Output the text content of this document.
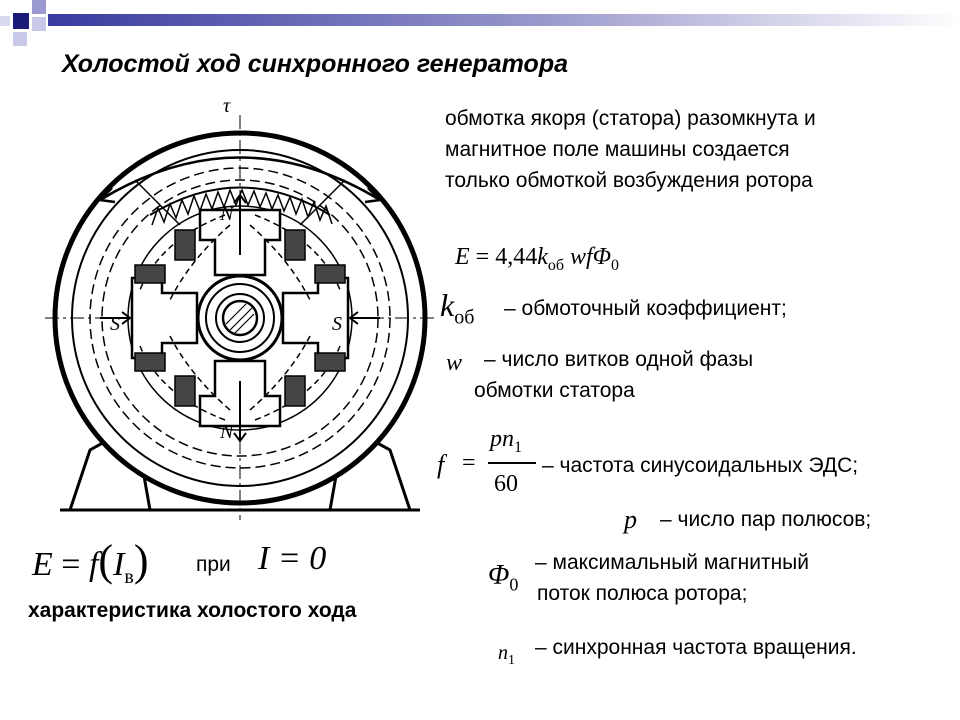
Холостой ход синхронного генератора
τ
N
N
S	S
обмотка якоря (статора) разомкнута и магнитное поле машины создается только обмоткой возбуждения ротора
$E = 4,44k_{об}$ wfΦ$_0$
$k_{об}$ – обмоточный коэффициент;
w – число витков одной фазы
обмотки статора
f =
$pn_1$
60
– частота синусоидальных ЭДС;
p – число пар полюсов;
$\Phi_0$
– максимальный магнитный
поток полюса ротора;
$n_1$
– синхронная частота вращения.
$E = f(I_в)$ при I = 0
характеристика холостого хода
